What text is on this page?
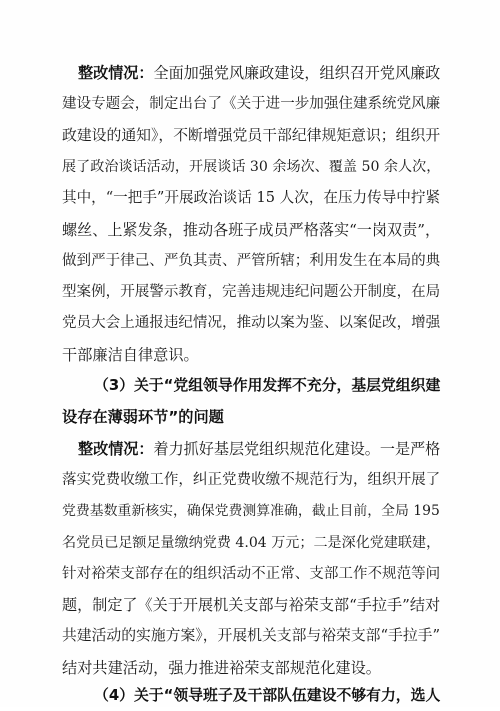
整改情况：全面加强党风廉政建设，组织召开党风廉政
建设专题会，制定出台了《关于进一步加强住建系统党风廉
政建设的通知》，不断增强党员干部纪律规矩意识；组织开
展了政治谈话活动，开展谈话 30 余场次、覆盖 50 余人次，
其中，“一把手”开展政治谈话 15 人次，在压力传导中拧紧
螺丝、上紧发条，推动各班子成员严格落实“一岗双责”，
做到严于律己、严负其责、严管所辖；利用发生在本局的典
型案例，开展警示教育，完善违规违纪问题公开制度，在局
党员大会上通报违纪情况，推动以案为鉴、以案促改，增强
干部廉洁自律意识。
（3）关于“党组领导作用发挥不充分，基层党组织建
设存在薄弱环节”的问题
整改情况：着力抓好基层党组织规范化建设。一是严格
落实党费收缴工作，纠正党费收缴不规范行为，组织开展了
党费基数重新核实，确保党费测算准确，截止目前，全局 195
名党员已足额足量缴纳党费 4.04 万元；二是深化党建联建，
针对裕荣支部存在的组织活动不正常、支部工作不规范等问
题，制定了《关于开展机关支部与裕荣支部“手拉手”结对
共建活动的实施方案》，开展机关支部与裕荣支部“手拉手”
结对共建活动，强力推进裕荣支部规范化建设。
（4）关于“领导班子及干部队伍建设不够有力，选人
